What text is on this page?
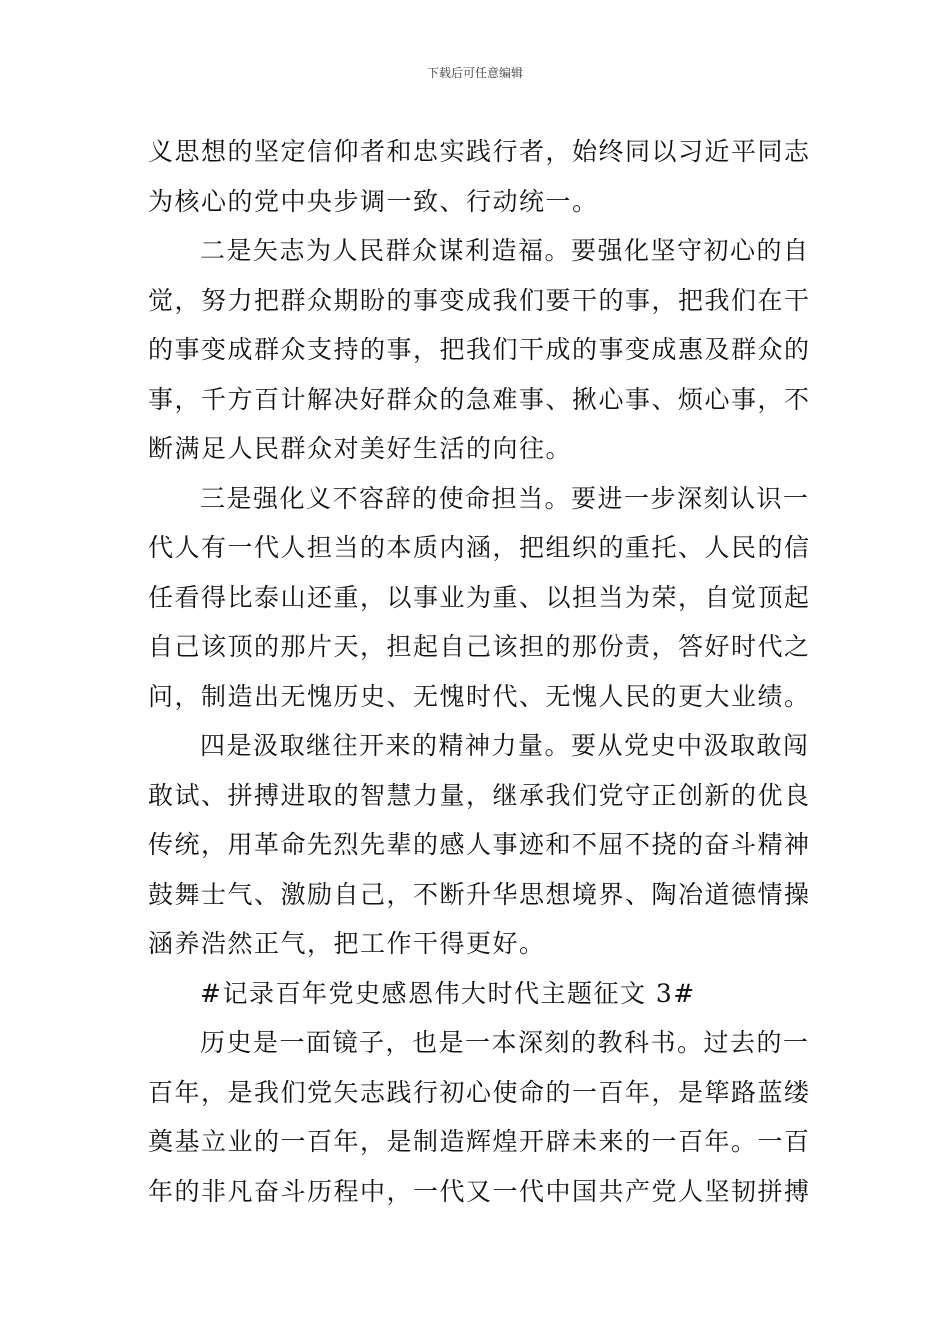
下载后可任意编辑
义思想的坚定信仰者和忠实践行者，始终同以习近平同志
为核心的党中央步调一致、行动统一。
二是矢志为人民群众谋利造福。要强化坚守初心的自
觉，努力把群众期盼的事变成我们要干的事，把我们在干
的事变成群众支持的事，把我们干成的事变成惠及群众的
事，千方百计解决好群众的急难事、揪心事、烦心事，不
断满足人民群众对美好生活的向往。
三是强化义不容辞的使命担当。要进一步深刻认识一
代人有一代人担当的本质内涵，把组织的重托、人民的信
任看得比泰山还重，以事业为重、以担当为荣，自觉顶起
自己该顶的那片天，担起自己该担的那份责，答好时代之
问，制造出无愧历史、无愧时代、无愧人民的更大业绩。
四是汲取继往开来的精神力量。要从党史中汲取敢闯
敢试、拼搏进取的智慧力量，继承我们党守正创新的优良
传统，用革命先烈先辈的感人事迹和不屈不挠的奋斗精神
鼓舞士气、激励自己，不断升华思想境界、陶冶道德情操
涵养浩然正气，把工作干得更好。
#记录百年党史感恩伟大时代主题征文 3#
历史是一面镜子，也是一本深刻的教科书。过去的一
百年，是我们党矢志践行初心使命的一百年，是筚路蓝缕
奠基立业的一百年，是制造辉煌开辟未来的一百年。一百
年的非凡奋斗历程中，一代又一代中国共产党人坚韧拼搏
